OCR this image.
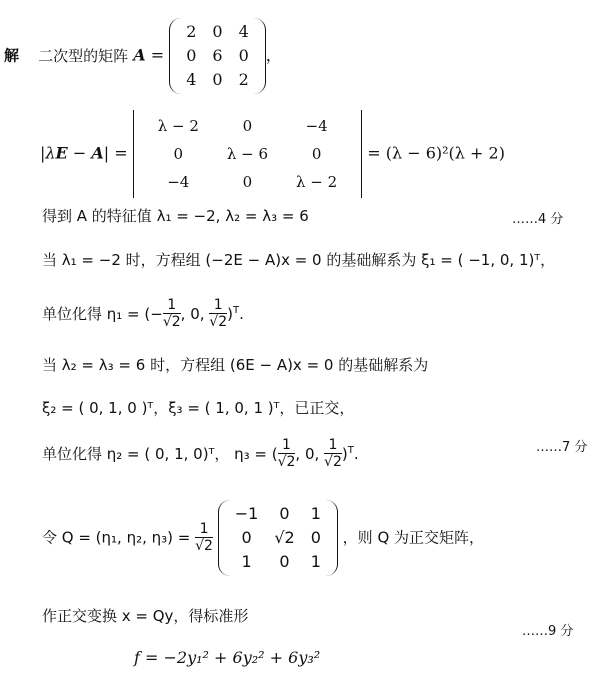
解 二次型的矩阵 A =
2	0	4
0	6	0
4	0	2
，
|λE − A| =
λ − 2	0	−4
0	λ − 6	0
−4	0	λ − 2
= (λ − 6)²(λ + 2)
得到 A 的特征值 λ₁ = −2, λ₂ = λ₃ = 6	……4 分
当 λ₁ = −2 时，方程组 (−2E − A)x = 0 的基础解系为 ξ₁ = ( −1, 0, 1)ᵀ，
单位化得 η₁ = (− $\frac{1}{√2}$ , 0, $\frac{1}{√2} )^T$.
当 λ₂ = λ₃ = 6 时，方程组 (6E − A)x = 0 的基础解系为
ξ₂ = ( 0, 1, 0 )ᵀ，ξ₃ = ( 1, 0, 1 )ᵀ，已正交，
单位化得 η₂ = ( 0, 1, 0)ᵀ， η₃ = ( $\frac{1}{√2}$ , 0, $\frac{1}{√2} )^T$.	……7 分
令 Q = (η₁, η₂, $\eta_3) = \frac{1}{√2}$

−1	0	1
0	√2	0
1	0	1
，则 Q 为正交矩阵，
作正交变换 x = Qy，得标准形
……9 分
f = −2y₁² + 6y₂² + 6y₃²
